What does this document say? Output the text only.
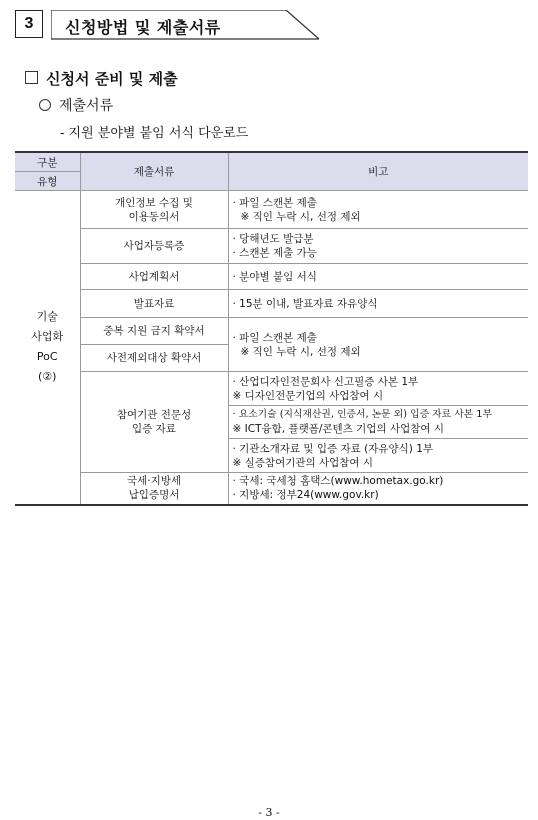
3	신청방법 및 제출서류
신청서 준비 및 제출
제출서류
- 지원 분야별 붙임 서식 다운로드
구분
유형	제출서류	비고
기술
사업화
PoC
(②)	개인정보 수집 및
이용동의서	· 파일 스캔본 제출
※ 직인 누락 시, 선정 제외

	사업자등록증	· 당해년도 발급분
· 스캔본 제출 가능

	사업계획서	· 분야별 붙임 서식

	발표자료	· 15분 이내, 발표자료 자유양식

	중복 지원 금지 확약서	· 파일 스캔본 제출
※ 직인 누락 시, 선정 제외

	사전제외대상 확약서	
	참여기관 전문성
입증 자료	· 산업디자인전문회사 신고필증 사본 1부
※ 디자인전문기업의 사업참여 시

		· 요소기술 (지식재산권, 인증서, 논문 외) 입증 자료 사본 1부
※ ICT융합, 플랫폼/콘텐츠 기업의 사업참여 시

		· 기관소개자료 및 입증 자료 (자유양식) 1부
※ 실증참여기관의 사업참여 시

	국세·지방세
납입증명서	· 국세: 국세청 홈택스(www.hometax.go.kr)
· 지방세: 정부24(www.gov.kr)
- 3 -
